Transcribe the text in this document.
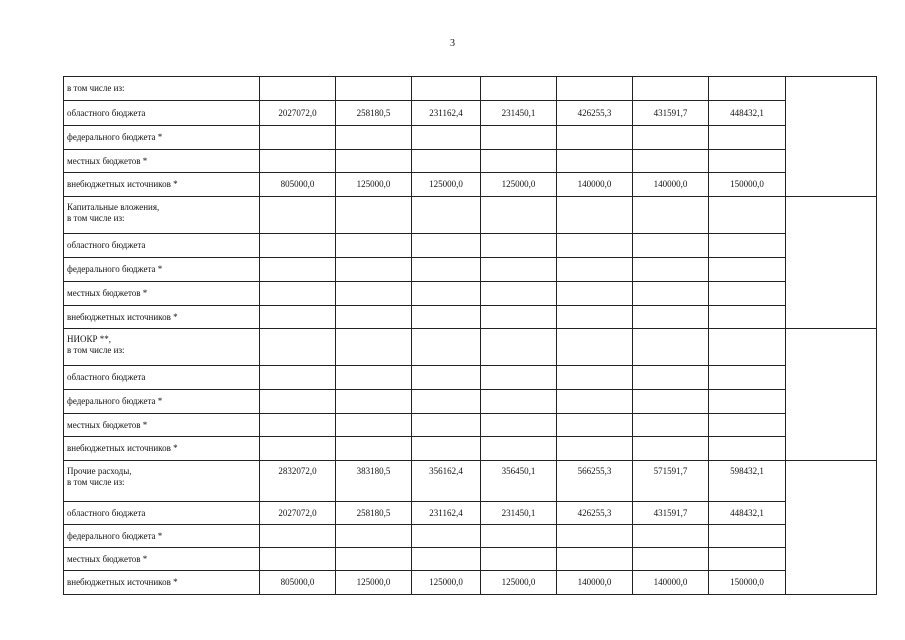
3
в том числе из:								

областного бюджета	2027072,0	258180,5	231162,4	231450,1	426255,3	431591,7	448432,1	

федерального бюджета *								

местных бюджетов *								

внебюджетных источников *	805000,0	125000,0	125000,0	125000,0	140000,0	140000,0	150000,0	

Капитальные вложения,
в том числе из:								

областного бюджета								

федерального бюджета *								

местных бюджетов *								

внебюджетных источников *								

НИОКР **,
в том числе из:								

областного бюджета								

федерального бюджета *								

местных бюджетов *								

внебюджетных источников *								

Прочие расходы,
в том числе из:	2832072,0	383180,5	356162,4	356450,1	566255,3	571591,7	598432,1	

областного бюджета	2027072,0	258180,5	231162,4	231450,1	426255,3	431591,7	448432,1	

федерального бюджета *								

местных бюджетов *								

внебюджетных источников *	805000,0	125000,0	125000,0	125000,0	140000,0	140000,0	150000,0	
